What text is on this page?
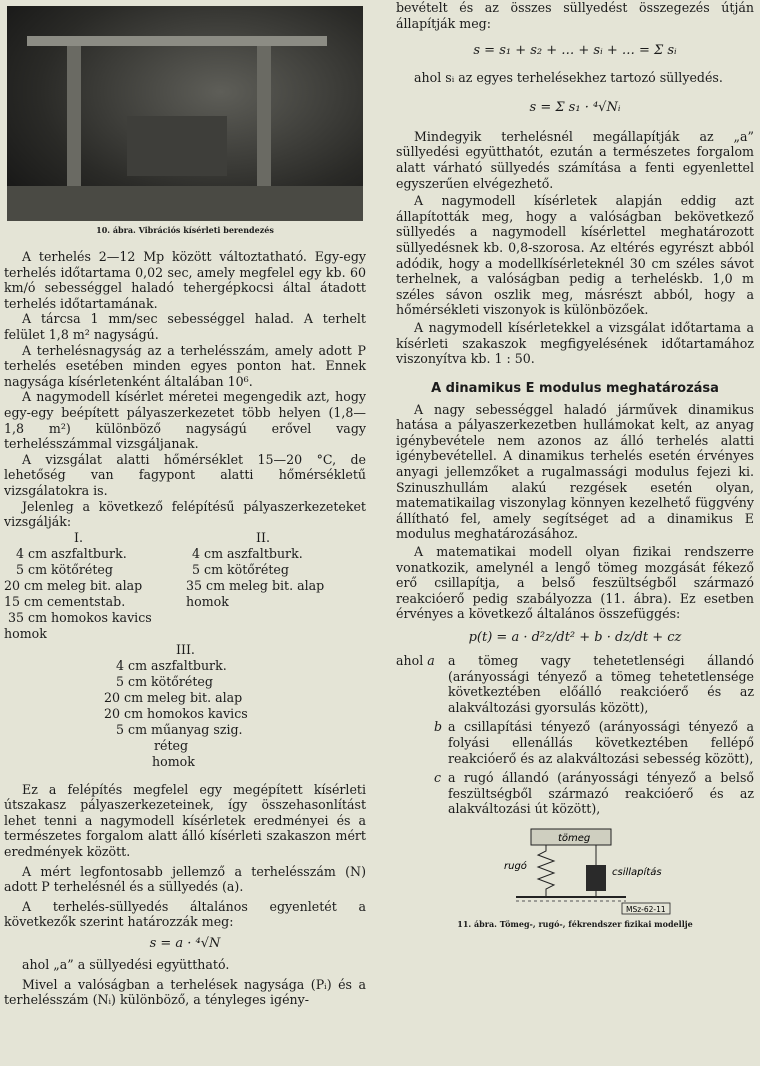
10. ábra. Vibrációs kísérleti berendezés

A terhelés 2—12 Mp között változtatható. Egy-egy terhelés időtartama 0,02 sec, amely megfelel egy kb. 60 km/ó sebességgel haladó tehergépkocsi által átadott terhelés időtartamának.

A tárcsa 1 mm/sec sebességgel halad. A terhelt felület 1,8 m² nagyságú.

A terhelésnagyság az a terhelésszám, amely adott P terhelés esetében minden egyes ponton hat. Ennek nagysága kísérletenként általában 10⁶.

A nagymodell kísérlet méretei megengedik azt, hogy egy-egy beépített pályaszerkezetet több helyen (1,8—1,8 m²) különböző nagyságú erővel vagy terhelésszámmal vizsgáljanak.

A vizsgálat alatti hőmérséklet 15—20 °C, de lehetőség van fagypont alatti hőmérsékletű vizsgálatokra is.

Jelenleg a következő felépítésű pályaszerkezeteket vizsgálják:

I.	II.
4 cm aszfaltburk.
5 cm kötőréteg
20 cm meleg bit. alap
15 cm cementstab.
35 cm homokos kavics
homok
4 cm aszfaltburk.
5 cm kötőréteg
35 cm meleg bit. alap
homok
III.
4 cm aszfaltburk.
5 cm kötőréteg
20 cm meleg bit. alap
20 cm homokos kavics
5 cm műanyag szig.
réteg
homok

Ez a felépítés megfelel egy megépített kísérleti útszakasz pályaszerkezeteinek, így összehasonlítást lehet tenni a nagymodell kísérletek eredményei és a természetes forgalom alatt álló kísérleti szakaszon mért eredmények között.

A mért legfontosabb jellemző a terhelésszám (N) adott P terhelésnél és a süllyedés (a).

A terhelés-süllyedés általános egyenletét a következők szerint határozzák meg:

s = a · ⁴√N

ahol „a” a süllyedési együttható.

Mivel a valóságban a terhelések nagysága (Pᵢ) és a terhelésszám (Nᵢ) különböző, a tényleges igény-

bevételt és az összes süllyedést összegezés útján állapítják meg:

s = s₁ + s₂ + … + sᵢ + … = Σ sᵢ

ahol sᵢ az egyes terhelésekhez tartozó süllyedés.

s = Σ s₁ · ⁴√Nᵢ

Mindegyik terhelésnél megállapítják az „a” süllyedési együtthatót, ezután a természetes forgalom alatt várható süllyedés számítása a fenti egyenlettel egyszerűen elvégezhető.

A nagymodell kísérletek alapján eddig azt állapították meg, hogy a valóságban bekövetkező süllyedés a nagymodell kísérlettel meghatározott süllyedésnek kb. 0,8-szorosa. Az eltérés egyrészt abból adódik, hogy a modellkísérleteknél 30 cm széles sávot terhelnek, a valóságban pedig a terheléskb. 1,0 m széles sávon oszlik meg, másrészt abból, hogy a hőmérsékleti viszonyok is különbözőek.

A nagymodell kísérletekkel a vizsgálat időtartama a kísérleti szakaszok megfigyelésének időtartamához viszonyítva kb. 1 : 50.

A dinamikus E modulus meghatározása

A nagy sebességgel haladó járművek dinamikus hatása a pályaszerkezetben hullámokat kelt, az anyag igénybevétele nem azonos az álló terhelés alatti igénybevétellel. A dinamikus terhelés esetén érvényes anyagi jellemzőket a rugalmassági modulus fejezi ki. Szinuszhullám alakú rezgések esetén olyan, matematikailag viszonylag könnyen kezelhető függvény állítható fel, amely segítséget ad a dinamikus E modulus meghatározásához.

A matematikai modell olyan fizikai rendszerre vonatkozik, amelynél a lengő tömeg mozgását fékező erő csillapítja, a belső feszültségből származó reakcióerő pedig szabályozza (11. ábra). Ez esetben érvényes a következő általános összefüggés:

p(t) = a · d²z/dt² + b · dz/dt + cz
ahol a a tömeg vagy tehetetlenségi állandó (arányossági tényező a tömeg tehetetlensége következtében előálló reakcióerő és az alakváltozási gyorsulás között),
b a csillapítási tényező (arányossági tényező a folyási ellenállás következtében fellépő reakcióerő és az alakváltozási sebesség között),
c a rugó állandó (arányossági tényező a belső feszültségből származó reakcióerő és az alakváltozási út között),
tömeg
rugó
csillapítás
MSz-62-11
11. ábra. Tömeg-, rugó-, fékrendszer fizikai modellje
